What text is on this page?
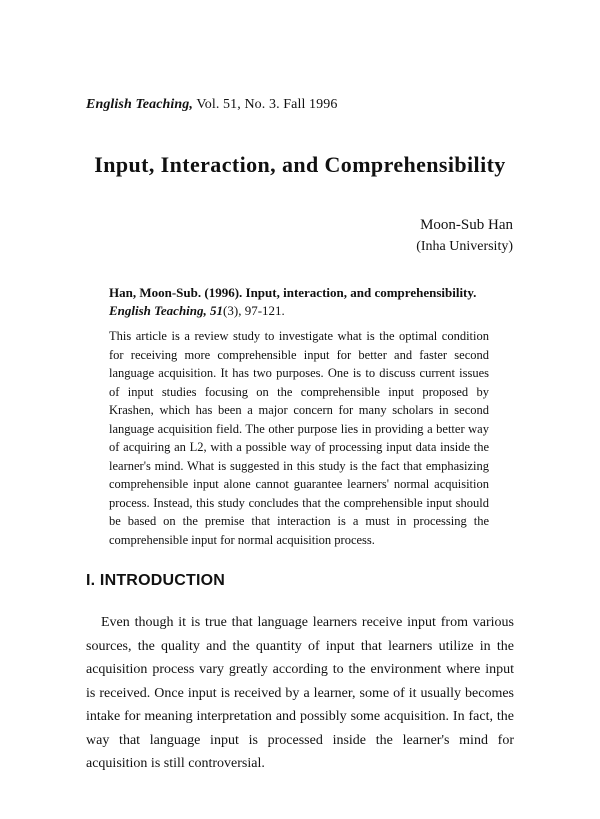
English Teaching, Vol. 51, No. 3. Fall 1996
Input, Interaction, and Comprehensibility
Moon-Sub Han
(Inha University)
Han, Moon-Sub. (1996). Input, interaction, and comprehensibility. English Teaching, 51(3), 97-121.
This article is a review study to investigate what is the optimal condition for receiving more comprehensible input for better and faster second language acquisition. It has two purposes. One is to discuss current issues of input studies focusing on the comprehensible input proposed by Krashen, which has been a major concern for many scholars in second language acquisition field. The other purpose lies in providing a better way of acquiring an L2, with a possible way of processing input data inside the learner's mind. What is suggested in this study is the fact that emphasizing comprehensible input alone cannot guarantee learners' normal acquisition process. Instead, this study concludes that the comprehensible input should be based on the premise that interaction is a must in processing the comprehensible input for normal acquisition process.
I. INTRODUCTION
Even though it is true that language learners receive input from various sources, the quality and the quantity of input that learners utilize in the acquisition process vary greatly according to the environment where input is received. Once input is received by a learner, some of it usually becomes intake for meaning interpretation and possibly some acquisition. In fact, the way that language input is processed inside the learner's mind for acquisition is still controversial.
